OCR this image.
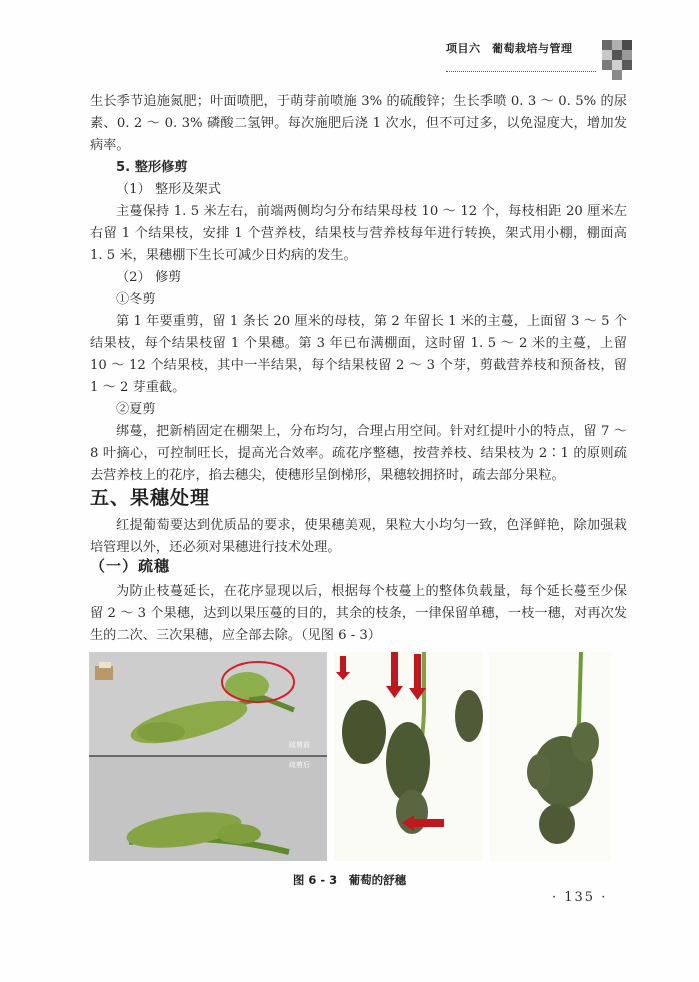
项目六　葡萄栽培与管理
生长季节追施氮肥；叶面喷肥，于萌芽前喷施 3% 的硫酸锌；生长季喷 0. 3 ～ 0. 5% 的尿素、0. 2 ～ 0. 3% 磷酸二氢钾。每次施肥后浇 1 次水，但不可过多，以免湿度大，增加发病率。
5. 整形修剪
（1） 整形及架式
主蔓保持 1. 5 米左右，前端两侧均匀分布结果母枝 10 ～ 12 个，每枝相距 20 厘米左右留 1 个结果枝，安排 1 个营养枝，结果枝与营养枝每年进行转换，架式用小棚，棚面高 1. 5 米，果穗棚下生长可减少日灼病的发生。
（2） 修剪
①冬剪
第 1 年要重剪，留 1 条长 20 厘米的母枝，第 2 年留长 1 米的主蔓，上面留 3 ～ 5 个结果枝，每个结果枝留 1 个果穗。第 3 年已布满棚面，这时留 1. 5 ～ 2 米的主蔓，上留 10 ～ 12 个结果枝，其中一半结果，每个结果枝留 2 ～ 3 个芽，剪截营养枝和预备枝，留 1 ～ 2 芽重截。
②夏剪
绑蔓，把新梢固定在棚架上，分布均匀，合理占用空间。针对红提叶小的特点，留 7 ～ 8 叶摘心，可控制旺长，提高光合效率。疏花序整穗，按营养枝、结果枝为 2∶1 的原则疏去营养枝上的花序，掐去穗尖，使穗形呈倒梯形，果穗较拥挤时，疏去部分果粒。
五、果穗处理
红提葡萄要达到优质品的要求，使果穗美观，果粒大小均匀一致，色泽鲜艳，除加强栽培管理以外，还必须对果穗进行技术处理。
（一）疏穗
为防止枝蔓延长，在花序显现以后，根据每个枝蔓上的整体负载量，每个延长蔓至少保留 2 ～ 3 个果穗，达到以果压蔓的目的，其余的枝条，一律保留单穗，一枝一穗，对再次发生的二次、三次果穗，应全部去除。（见图 6 - 3）
疏剪前
疏剪后
图 6 - 3　葡萄的舒穗
· 135 ·
